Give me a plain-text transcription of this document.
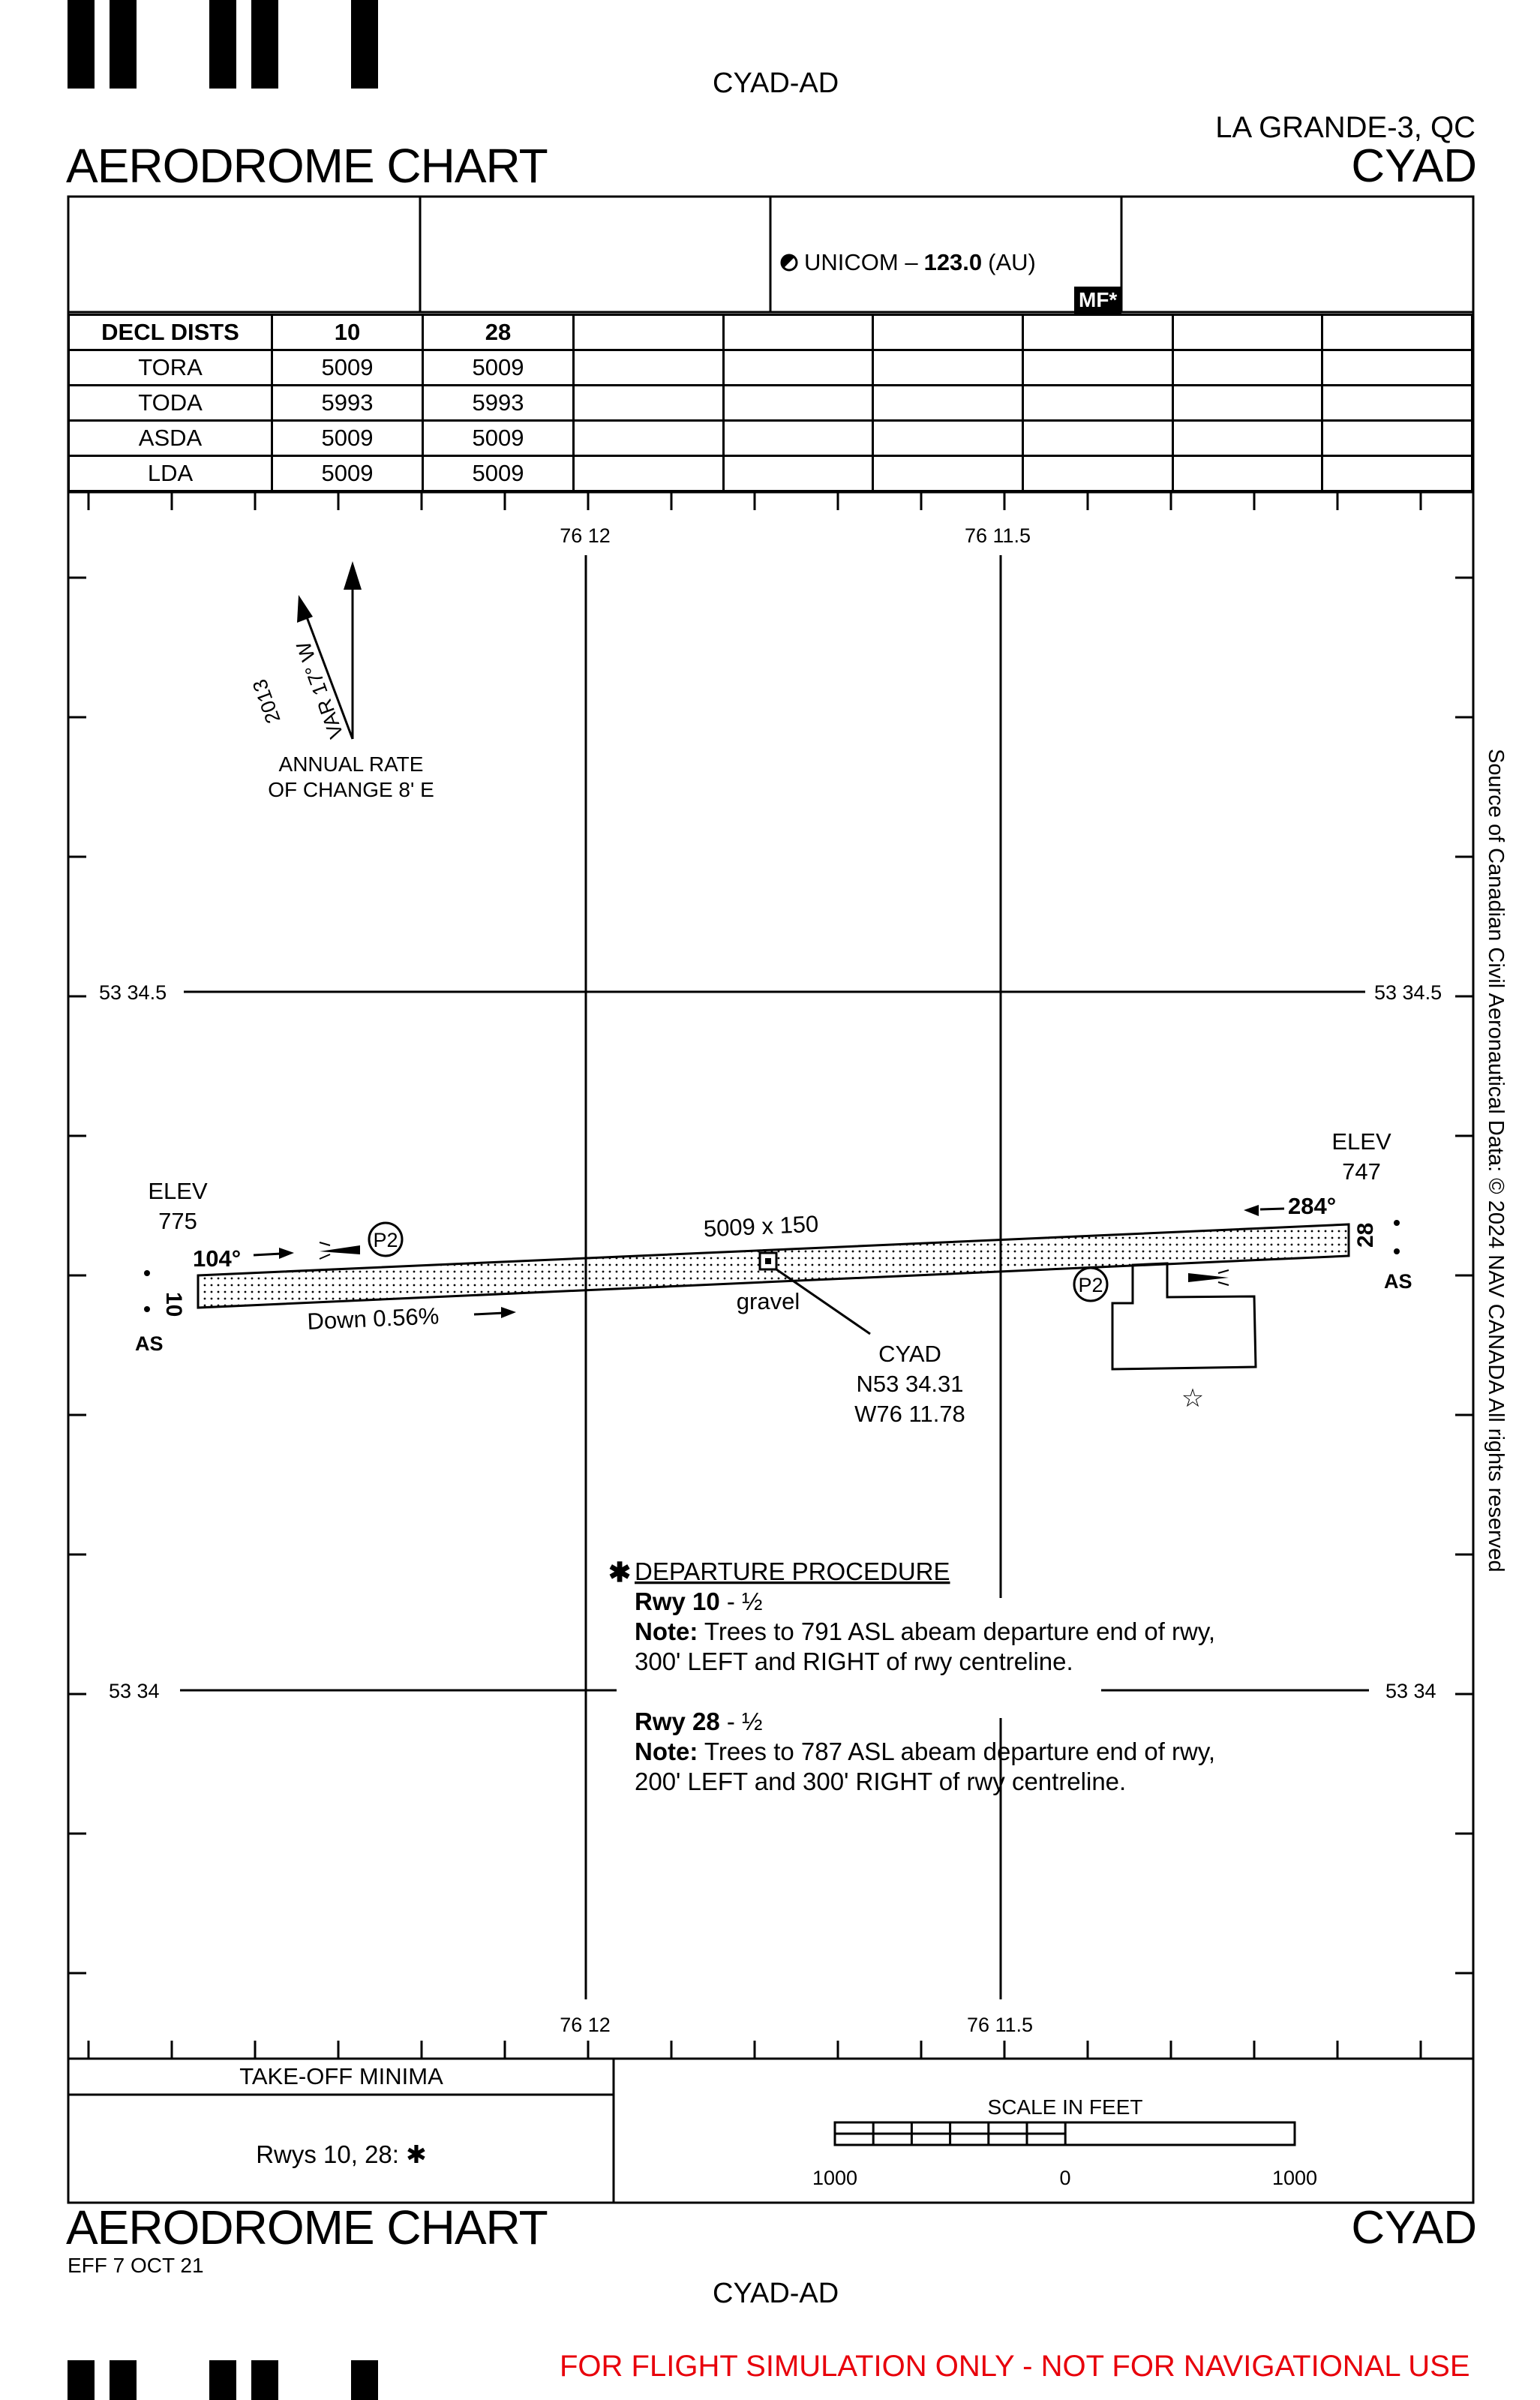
CYAD-AD
LA GRANDE-3, QC
AERODROME CHART	CYAD
UNICOM – 123.0 (AU)
MF*
DECL DISTS	10	28						
TORA	5009	5009						
TODA	5993	5993						
ASDA	5009	5009						
LDA	5009	5009						
76 12	76 11.5
76 12	76 11.5
53 34.5	53 34.5
53 34	53 34
VAR 17° W
2013
ANNUAL RATE
OF CHANGE 8' E
5009 x 150
gravel
Down 0.56%
CYAD
N53 34.31
W76 11.78
ELEV
775
104°
10
AS
P2
ELEV
747
284°
28
AS
P2
☆
✱ DEPARTURE PROCEDURE
Rwy 10 - ½
Note: Trees to 791 ASL abeam departure end of rwy,
300' LEFT and RIGHT of rwy centreline.
Rwy 28 - ½
Note: Trees to 787 ASL abeam departure end of rwy,
200' LEFT and 300' RIGHT of rwy centreline.
TAKE-OFF MINIMA
Rwys 10, 28: ✱
SCALE IN FEET
1000	0	1000
Source of Canadian Civil Aeronautical Data: © 2024 NAV CANADA All rights reserved
AERODROME CHART
EFF 7 OCT 21
CYAD
CYAD-AD
FOR FLIGHT SIMULATION ONLY - NOT FOR NAVIGATIONAL USE
